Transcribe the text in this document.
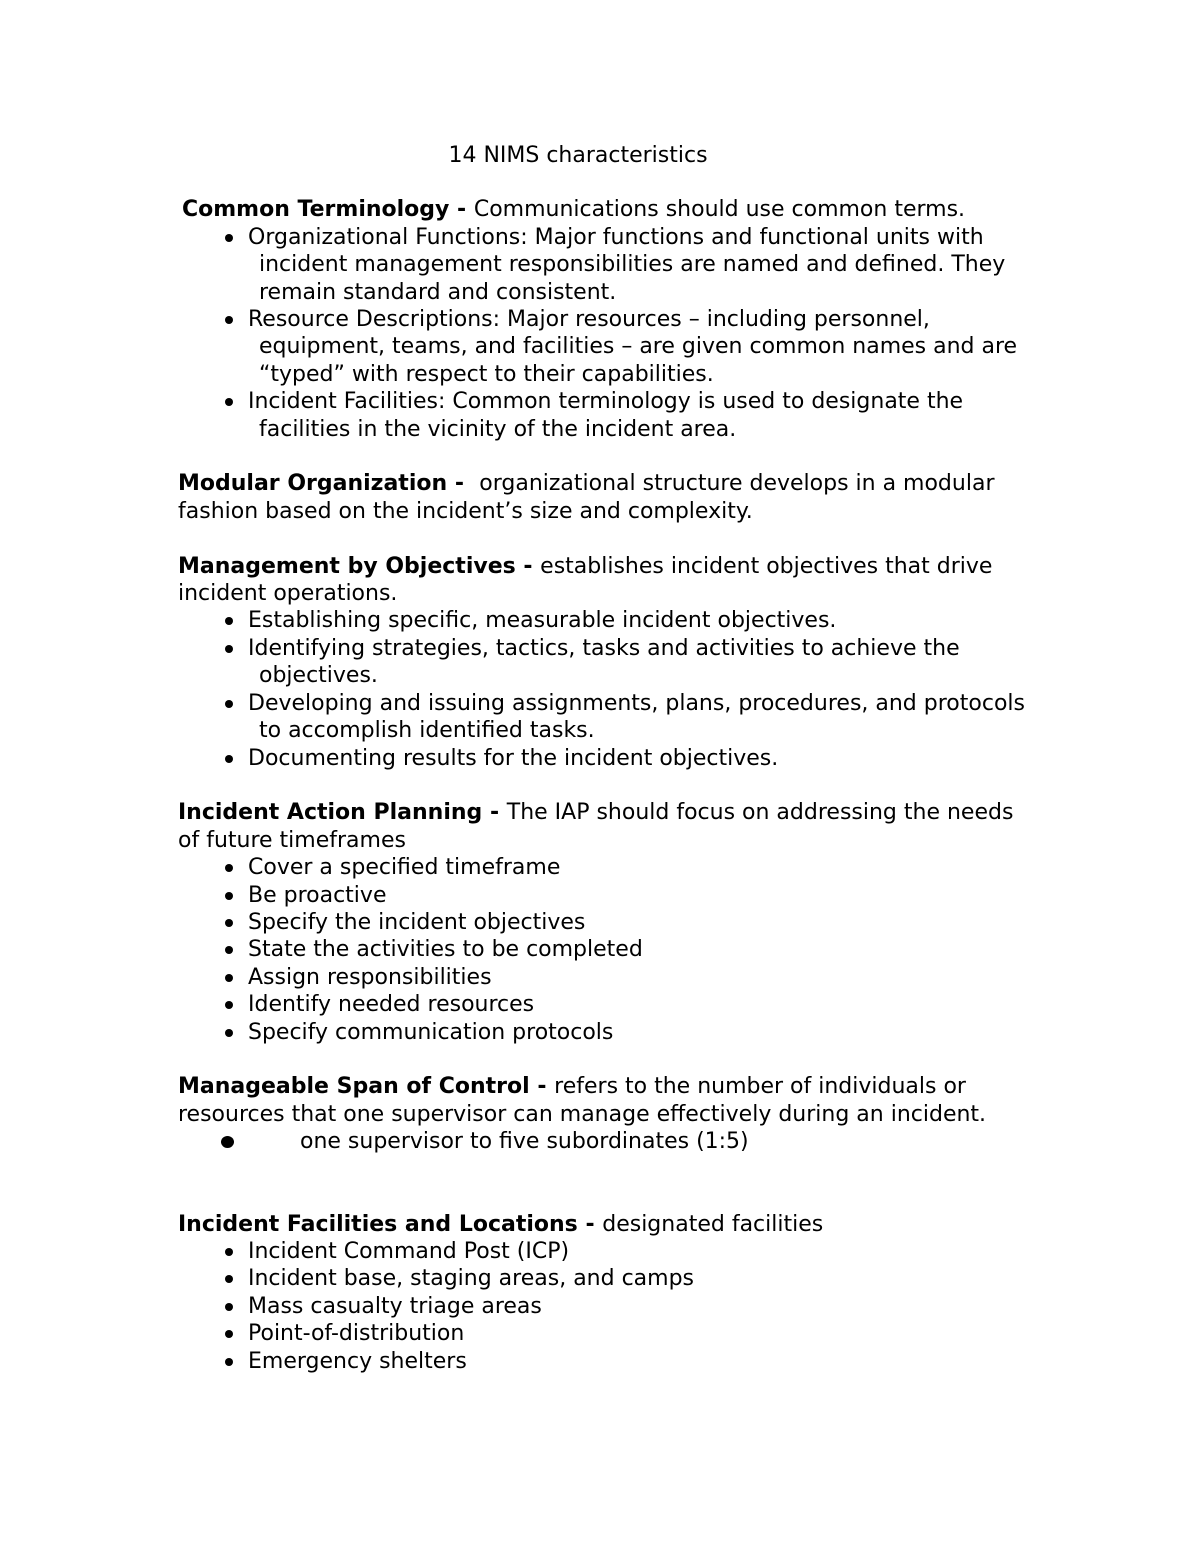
14 NIMS characteristics

Common Terminology - Communications should use common terms.

Organizational Functions: Major functions and functional units with incident management responsibilities are named and defined. They remain standard and consistent.
Resource Descriptions: Major resources – including personnel, equipment, teams, and facilities – are given common names and are “typed” with respect to their capabilities.
Incident Facilities: Common terminology is used to designate the facilities in the vicinity of the incident area.

Modular Organization -  organizational structure develops in a modular fashion based on the incident’s size and complexity.

Management by Objectives - establishes incident objectives that drive incident operations.

Establishing specific, measurable incident objectives.
Identifying strategies, tactics, tasks and activities to achieve the objectives.
Developing and issuing assignments, plans, procedures, and protocols to accomplish identified tasks.
Documenting results for the incident objectives.

Incident Action Planning - The IAP should focus on addressing the needs of future timeframes

Cover a specified timeframe
Be proactive
Specify the incident objectives
State the activities to be completed
Assign responsibilities
Identify needed resources
Specify communication protocols

Manageable Span of Control - refers to the number of individuals or resources that one supervisor can manage effectively during an incident.

one supervisor to five subordinates (1:5)

Incident Facilities and Locations - designated facilities

Incident Command Post (ICP)
Incident base, staging areas, and camps
Mass casualty triage areas
Point-of-distribution
Emergency shelters
